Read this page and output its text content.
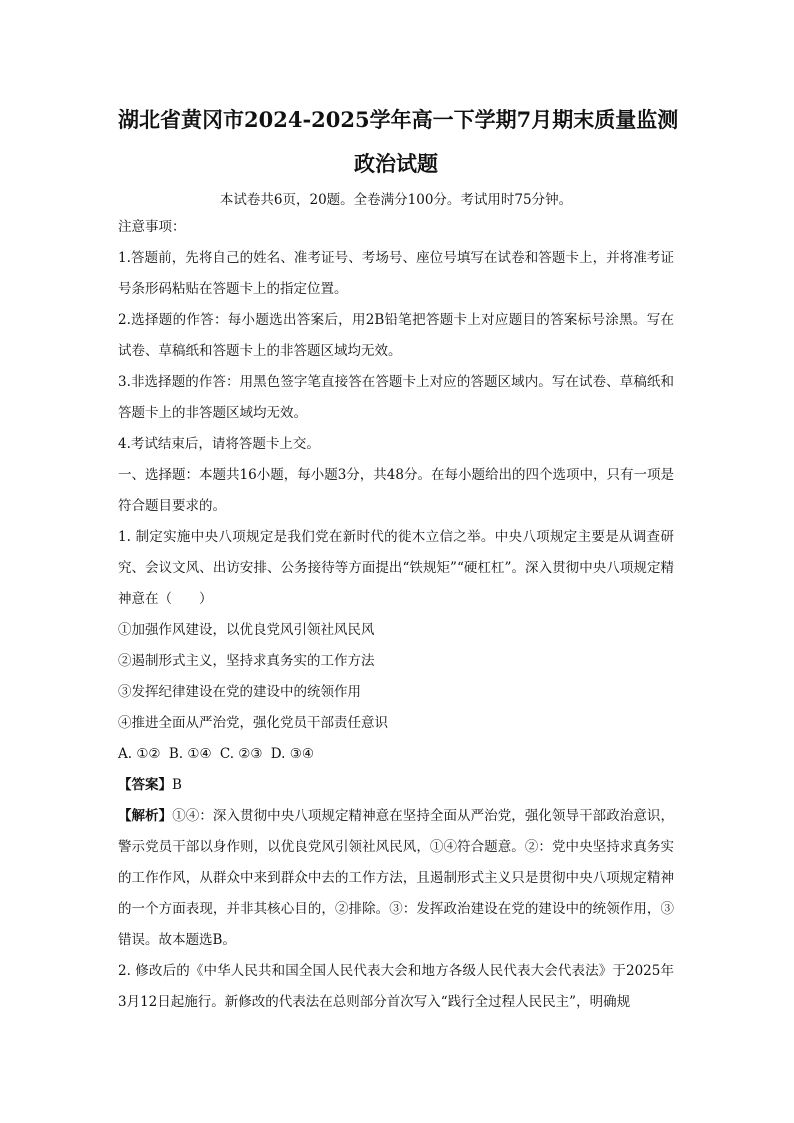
湖北省黄冈市2024-2025学年高一下学期7月期末质量监测
政治试题

本试卷共6页，20题。全卷满分100分。考试用时75分钟。

注意事项：

1.答题前，先将自己的姓名、准考证号、考场号、座位号填写在试卷和答题卡上，并将准考证号条形码粘贴在答题卡上的指定位置。

2.选择题的作答：每小题选出答案后，用2B铅笔把答题卡上对应题目的答案标号涂黑。写在试卷、草稿纸和答题卡上的非答题区域均无效。

3.非选择题的作答：用黑色签字笔直接答在答题卡上对应的答题区域内。写在试卷、草稿纸和答题卡上的非答题区域均无效。

4.考试结束后，请将答题卡上交。

一、选择题：本题共16小题，每小题3分，共48分。在每小题给出的四个选项中，只有一项是符合题目要求的。

1. 制定实施中央八项规定是我们党在新时代的徙木立信之举。中央八项规定主要是从调查研究、会议文风、出访安排、公务接待等方面提出“铁规矩”“硬杠杠”。深入贯彻中央八项规定精神意在（　　）

①加强作风建设，以优良党风引领社风民风

②遏制形式主义，坚持求真务实的工作方法

③发挥纪律建设在党的建设中的统领作用

④推进全面从严治党，强化党员干部责任意识

A. ①② B. ①④ C. ②③ D. ③④

【答案】B

【解析】①④：深入贯彻中央八项规定精神意在坚持全面从严治党，强化领导干部政治意识，警示党员干部以身作则，以优良党风引领社风民风，①④符合题意。②：党中央坚持求真务实的工作作风，从群众中来到群众中去的工作方法，且遏制形式主义只是贯彻中央八项规定精神的一个方面表现，并非其核心目的，②排除。③：发挥政治建设在党的建设中的统领作用，③错误。故本题选B。

2. 修改后的《中华人民共和国全国人民代表大会和地方各级人民代表大会代表法》于2025年3月12日起施行。新修改的代表法在总则部分首次写入“践行全过程人民民主”，明确规
